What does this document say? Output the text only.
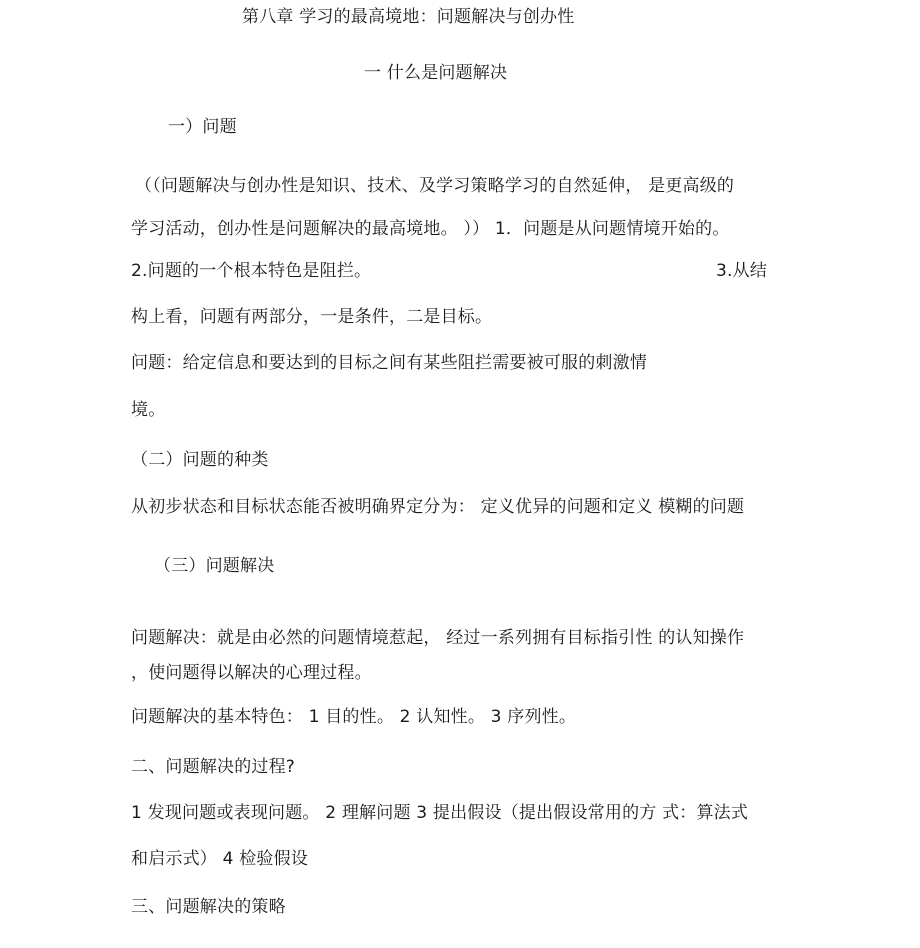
第八章 学习的最高境地：问题解决与创办性
一 什么是问题解决
一）问题
（（问题解决与创办性是知识、技术、及学习策略学习的自然延伸， 是更高级的
学习活动，创办性是问题解决的最高境地。 ）） 1．问题是从问题情境开始的。
2.问题的一个根本特色是阻拦。	3.从结
构上看，问题有两部分，一是条件，二是目标。
问题：给定信息和要达到的目标之间有某些阻拦需要被可服的刺激情
境。
（二）问题的种类
从初步状态和目标状态能否被明确界定分为： 定义优异的问题和定义 模糊的问题
（三）问题解决
问题解决：就是由必然的问题情境惹起， 经过一系列拥有目标指引性 的认知操作
，使问题得以解决的心理过程。
问题解决的基本特色： 1 目的性。 2 认知性。 3 序列性。
二、问题解决的过程?
1 发现问题或表现问题。 2 理解问题 3 提出假设（提出假设常用的方 式：算法式
和启示式） 4 检验假设
三、问题解决的策略
